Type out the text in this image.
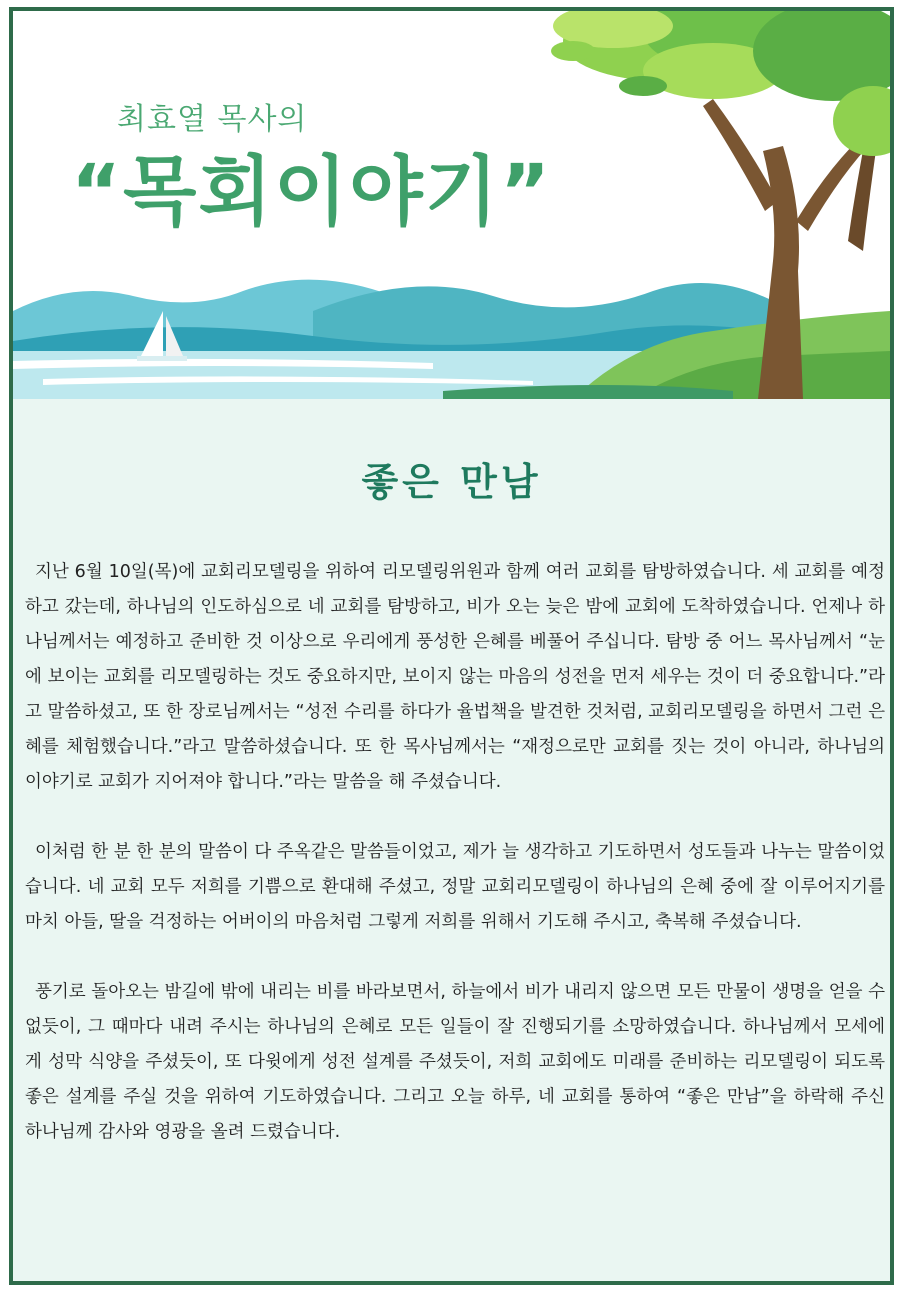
최효열 목사의
“목회이야기”
좋은 만남

지난 6월 10일(목)에 교회리모델링을 위하여 리모델링위원과 함께 여러 교회를 탐방하였습니다. 세 교회를 예정하고 갔는데, 하나님의 인도하심으로 네 교회를 탐방하고, 비가 오는 늦은 밤에 교회에 도착하였습니다. 언제나 하나님께서는 예정하고 준비한 것 이상으로 우리에게 풍성한 은혜를 베풀어 주십니다. 탐방 중 어느 목사님께서 “눈에 보이는 교회를 리모델링하는 것도 중요하지만, 보이지 않는 마음의 성전을 먼저 세우는 것이 더 중요합니다.”라고 말씀하셨고, 또 한 장로님께서는 “성전 수리를 하다가 율법책을 발견한 것처럼, 교회리모델링을 하면서 그런 은혜를 체험했습니다.”라고 말씀하셨습니다. 또 한 목사님께서는 “재정으로만 교회를 짓는 것이 아니라, 하나님의 이야기로 교회가 지어져야 합니다.”라는 말씀을 해 주셨습니다.

이처럼 한 분 한 분의 말씀이 다 주옥같은 말씀들이었고, 제가 늘 생각하고 기도하면서 성도들과 나누는 말씀이었습니다. 네 교회 모두 저희를 기쁨으로 환대해 주셨고, 정말 교회리모델링이 하나님의 은혜 중에 잘 이루어지기를 마치 아들, 딸을 걱정하는 어버이의 마음처럼 그렇게 저희를 위해서 기도해 주시고, 축복해 주셨습니다.

풍기로 돌아오는 밤길에 밖에 내리는 비를 바라보면서, 하늘에서 비가 내리지 않으면 모든 만물이 생명을 얻을 수 없듯이, 그 때마다 내려 주시는 하나님의 은혜로 모든 일들이 잘 진행되기를 소망하였습니다. 하나님께서 모세에게 성막 식양을 주셨듯이, 또 다윗에게 성전 설계를 주셨듯이, 저희 교회에도 미래를 준비하는 리모델링이 되도록 좋은 설계를 주실 것을 위하여 기도하였습니다. 그리고 오늘 하루, 네 교회를 통하여 “좋은 만남”을 하락해 주신 하나님께 감사와 영광을 올려 드렸습니다.
